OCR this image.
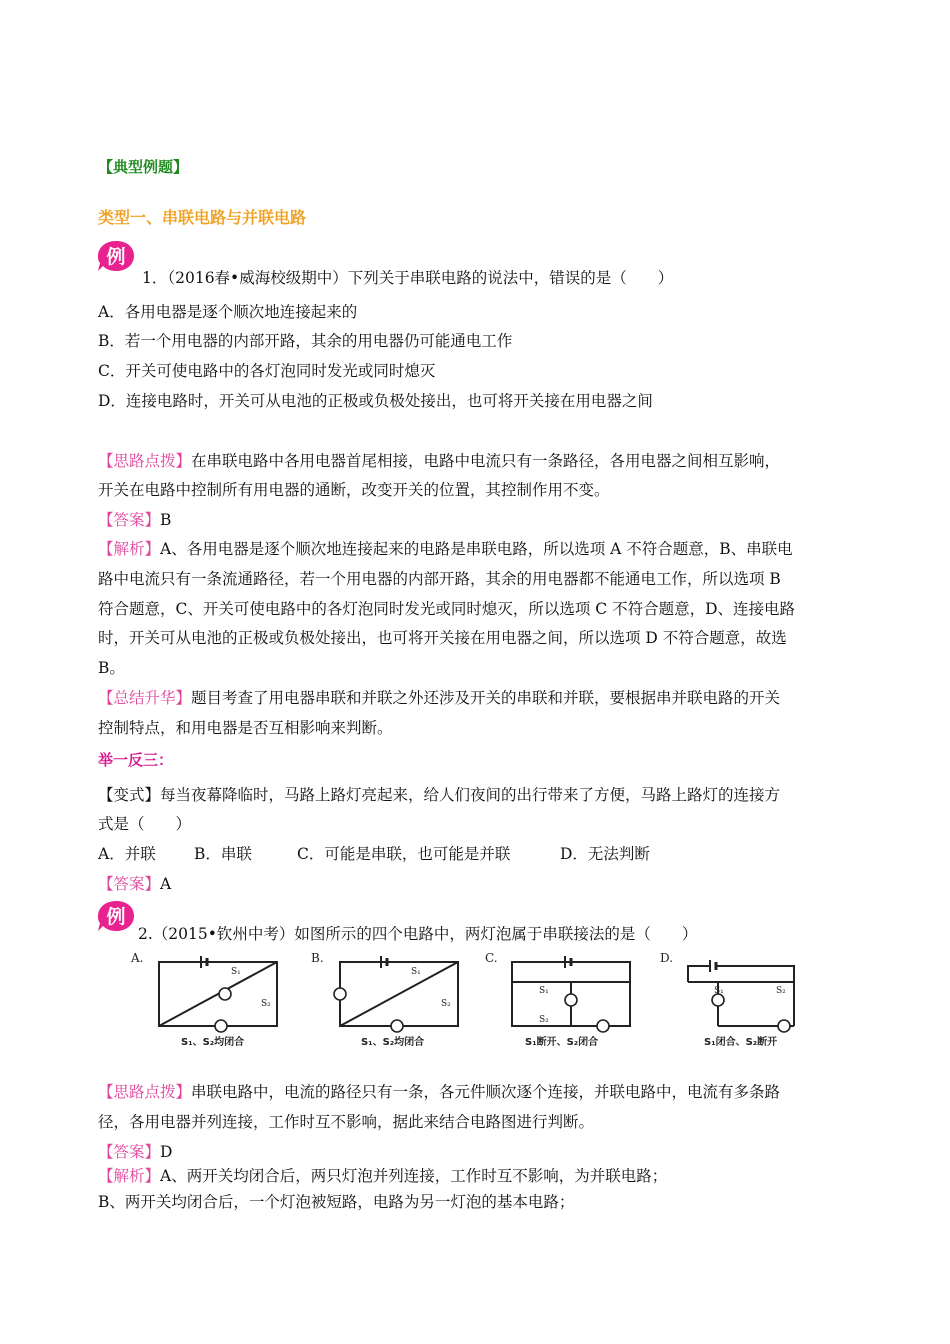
【典型例题】
类型一、串联电路与并联电路
例
1．（2016春•威海校级期中）下列关于串联电路的说法中，错误的是（　　）
A．各用电器是逐个顺次地连接起来的
B．若一个用电器的内部开路，其余的用电器仍可能通电工作
C．开关可使电路中的各灯泡同时发光或同时熄灭
D．连接电路时，开关可从电池的正极或负极处接出，也可将开关接在用电器之间
【思路点拨】在串联电路中各用电器首尾相接，电路中电流只有一条路径，各用电器之间相互影响，
开关在电路中控制所有用电器的通断，改变开关的位置，其控制作用不变。
【答案】B
【解析】A、各用电器是逐个顺次地连接起来的电路是串联电路，所以选项 A 不符合题意，B、串联电
路中电流只有一条流通路径，若一个用电器的内部开路，其余的用电器都不能通电工作，所以选项 B
符合题意，C、开关可使电路中的各灯泡同时发光或同时熄灭，所以选项 C 不符合题意，D、连接电路
时，开关可从电池的正极或负极处接出，也可将开关接在用电器之间，所以选项 D 不符合题意，故选
B。
【总结升华】题目考查了用电器串联和并联之外还涉及开关的串联和并联，要根据串并联电路的开关
控制特点，和用电器是否互相影响来判断。
举一反三：
【变式】每当夜幕降临时，马路上路灯亮起来，给人们夜间的出行带来了方便，马路上路灯的连接方
式是（　　）
A．并联 B．串联	C．可能是串联，也可能是并联	D．无法判断
【答案】A
例
2.（2015•钦州中考）如图所示的四个电路中，两灯泡属于串联接法的是（　　）
A.
S₁
S₂
B.
S₁
S₂
C.
S₁
S₂
S₁、S₂均闭合	S₁、S₂均闭合	S₁断开、S₂闭合
D.
S₁	S₂
S₁闭合、S₂断开
【思路点拨】串联电路中，电流的路径只有一条，各元件顺次逐个连接，并联电路中，电流有多条路
径，各用电器并列连接，工作时互不影响，据此来结合电路图进行判断。
【答案】D
【解析】A、两开关均闭合后，两只灯泡并列连接，工作时互不影响，为并联电路；
B、两开关均闭合后，一个灯泡被短路，电路为另一灯泡的基本电路；
